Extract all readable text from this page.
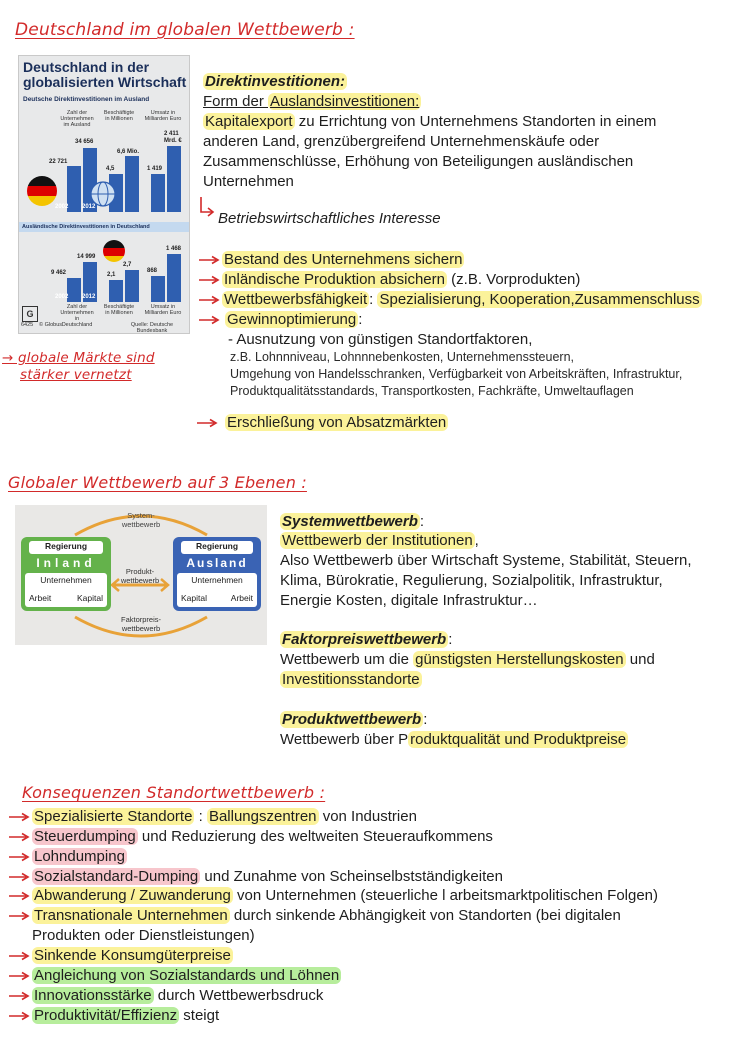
Deutschland im globalen Wettbewerb :
Deutschland in der
globalisierten Wirtschaft
Deutsche Direktinvestitionen im Ausland
Zahl der Unternehmen im Ausland
Beschäftigte in Millionen
Umsatz in Milliarden Euro
22 721
34 656
4,5
6,6 Mio.
1 419
2 411 Mrd. €
2002 2012
Ausländische Direktinvestitionen in Deutschland
9 462
14 999
2,1
2,7
868
1 468
2002 2012
Zahl der Unternehmen in Deutschland
Beschäftigte in Millionen
Umsatz in Milliarden Euro
G
6425 © Globus	Quelle: Deutsche Bundesbank
→ globale Märkte sind
stärker vernetzt
Direktinvestitionen:
Form der Auslandsinvestitionen:
Kapitalexport zu Errichtung von Unternehmens Standorten in einem
anderen Land, grenzübergreifend Unternehmenskäufe oder
Zusammenschlüsse, Erhöhung von Beteiligungen ausländischen
Unternehmen
Betriebswirtschaftliches Interesse
Bestand des Unternehmens sichern
Inländische Produktion absichern (z.B. Vorprodukten)
Wettbewerbsfähigkeit : Spezialisierung, Kooperation,Zusammenschluss
Gewinnoptimierung :
- Ausnutzung von günstigen Standortfaktoren,
z.B. Lohnnniveau, Lohnnnebenkosten, Unternehmenssteuern,
Umgehung von Handelsschranken, Verfügbarkeit von Arbeitskräften, Infrastruktur,
Produktqualitätsstandards, Transportkosten, Fachkräfte, Umweltauflagen
Erschließung von Absatzmärkten
Globaler Wettbewerb auf 3 Ebenen :
System-wettbewerb
Regierung
Inland
Unternehmen
Arbeit	Kapital
Regierung
Ausland
Unternehmen
Kapital	Arbeit
Produkt-wettbewerb
Faktorpreis-wettbewerb
Systemwettbewerb :
Wettbewerb der Institutionen ,
Also Wettbewerb über Wirtschaft Systeme, Stabilität, Steuern,
Klima, Bürokratie, Regulierung, Sozialpolitik, Infrastruktur,
Energie Kosten, digitale Infrastruktur…
Faktorpreiswettbewerb :
Wettbewerb um die günstigsten Herstellungskosten und
Investitionsstandorte
Produktwettbewerb :
Wettbewerb über P roduktqualität und Produktpreise
Konsequenzen Standortwettbewerb :
Spezialisierte Standorte : Ballungszentren von Industrien
Steuerdumping und Reduzierung des weltweiten Steueraufkommens
Lohndumping
Sozialstandard-Dumping und Zunahme von Scheinselbstständigkeiten
Abwanderung / Zuwanderung von Unternehmen (steuerliche l arbeitsmarktpolitischen Folgen)
Transnationale Unternehmen durch sinkende Abhängigkeit von Standorten (bei digitalen
Produkten oder Dienstleistungen)
Sinkende Konsumgüterpreise
Angleichung von Sozialstandards und Löhnen
Innovationsstärke durch Wettbewerbsdruck
Produktivität/Effizienz steigt
